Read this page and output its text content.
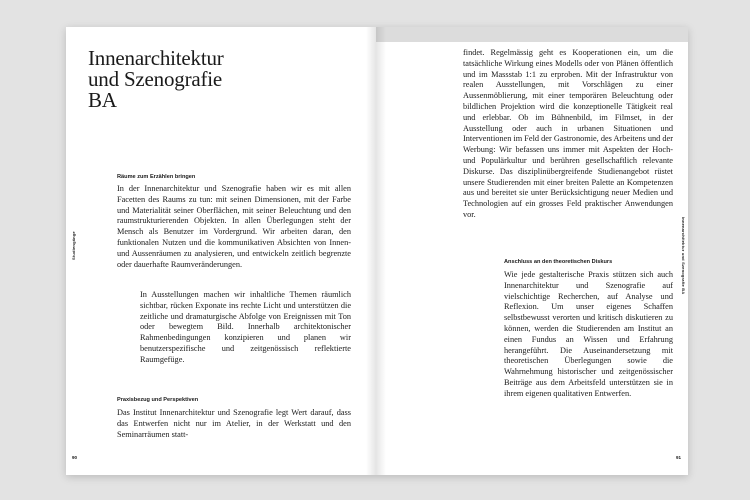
Innenarchitektur
und Szenografie
BA
Studiengänge
Räume zum Erzählen bringen
In der Innenarchitektur und Szenografie haben wir es mit allen Facetten des Raums zu tun: mit seinen Dimensionen, mit der Farbe und Materialität seiner Oberflächen, mit seiner Beleuchtung und den raumstrukturierenden Objekten. In allen Überlegungen steht der Mensch als Benutzer im Vordergrund. Wir arbeiten daran, den funktionalen Nutzen und die kommunikativen Absichten von Innen- und Aussenräumen zu analysieren, und entwickeln zeitlich begrenzte oder dauerhafte Raumveränderungen.
In Ausstellungen machen wir inhaltliche Themen räumlich sichtbar, rücken Exponate ins rechte Licht und unterstützen die zeitliche und dramaturgische Abfolge von Ereignissen mit Ton oder bewegtem Bild. Innerhalb architektonischer Rahmenbedingungen konzipieren und planen wir benutzerspezifische und zeitgenössisch reflektierte Raumgefüge.
Praxisbezug und Perspektiven
Das Institut Innenarchitektur und Szenografie legt Wert darauf, dass das Entwerfen nicht nur im Atelier, in der Werkstatt und den Seminarräumen statt-
90
findet. Regelmässig geht es Kooperationen ein, um die tatsächliche Wirkung eines Modells oder von Plänen öffentlich und im Massstab 1:1 zu erproben. Mit der Infrastruktur von realen Ausstellungen, mit Vorschlägen zu einer Aussenmöblierung, mit einer temporären Beleuchtung oder bildlichen Projektion wird die konzeptionelle Tätigkeit real und erlebbar. Ob im Bühnenbild, im Filmset, in der Ausstellung oder auch in urbanen Situationen und Interventionen im Feld der Gastronomie, des Arbeitens und der Werbung: Wir befassen uns immer mit Aspekten der Hoch- und Populärkultur und berühren gesellschaftlich relevante Diskurse. Das disziplinübergreifende Studienangebot rüstet unsere Studierenden mit einer breiten Palette an Kompetenzen aus und bereitet sie unter Berücksichtigung neuer Medien und Technologien auf ein grosses Feld praktischer Anwendungen vor.
Anschluss an den theoretischen Diskurs
Wie jede gestalterische Praxis stützen sich auch Innenarchitektur und Szenografie auf vielschichtige Recherchen, auf Analyse und Reflexion. Um unser eigenes Schaffen selbstbewusst verorten und kritisch diskutieren zu können, werden die Studierenden am Institut an einen Fundus an Wissen und Erfahrung herangeführt. Die Auseinandersetzung mit theoretischen Überlegungen sowie die Wahrnehmung historischer und zeitgenössischer Beiträge aus dem Arbeitsfeld unterstützen sie in ihrem eigenen qualitativen Entwerfen.
Innenarchitektur und Szenografie BA
91
